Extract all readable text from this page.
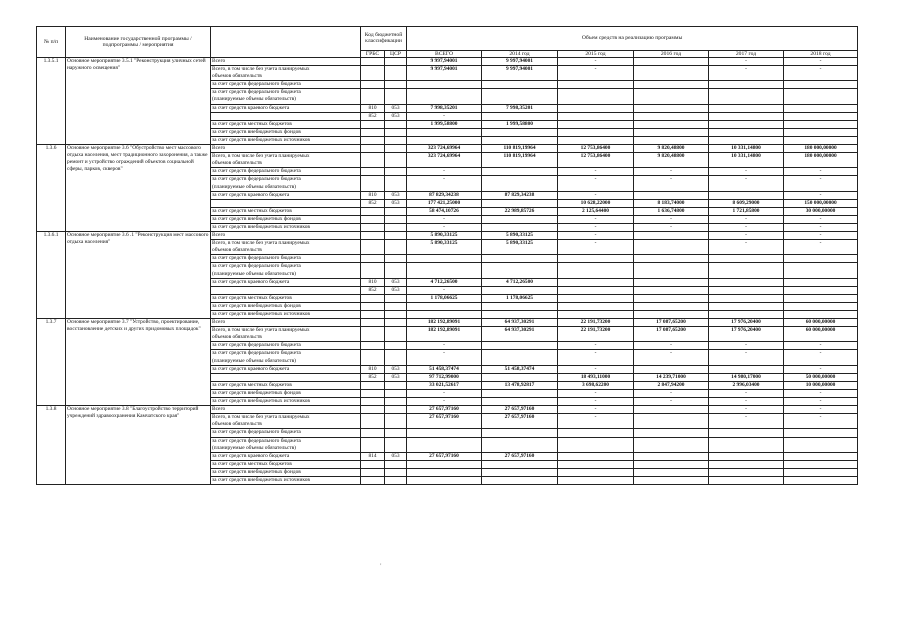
№ п/п	Наименование государственной программы / подпрограммы / мероприятия		Код бюджетной классификации		Объем средств на реализацию программы					
			ГРБС	ЦСР	ВСЕГО	2014 год	2015 год	2016 год	2017 год	2018 год
1.3.5.1	Основное мероприятие 3.5.1 "Реконструкция уличных сетей наружного освещения"	Всего			9 997,94001	9 997,94001	-		-	-

		Всего, в том числе без учета планируемых
объемов обязательств			9 997,94001	9 997,94001	-		-	-
		за счет средств федерального бюджета								

		за счет средств федерального бюджета
(планируемые объемы обязательств)								

		за счет средств краевого бюджета	810	053	7 998,35201	7 998,35201				
			852	053	-					
		за счет средств местных бюджетов			1 999,58800	1 999,58800				
		за счет средств внебюджетных фондов								
		за счет средств внебюджетных источников								
1.3.6	Основное мероприятие 3.6 "Обустройство мест массового отдыха населения, мест традиционного захоронения, а также ремонт и устройство ограждений объектов социальной сферы, парков, скверов"	Всего			323 724,69964	110 819,19964	12 753,86400	9 820,48800	10 331,14800	180 000,00000

		Всего, в том числе без учета планируемых
объемов обязательств			323 724,69964	110 819,19964	12 753,86400	9 820,48800	10 331,14800	180 000,00000
		за счет средств федерального бюджета			-		-	-	-	-

		за счет средств федерального бюджета
(планируемые объемы обязательств)			-		-	-	-	-
		за счет средств краевого бюджета	810	053	87 829,34238	87 829,34238	-			-
			852	053	177 421,25000		10 628,22000	8 183,74000	8 609,29000	150 000,00000
		за счет средств местных бюджетов			58 474,10726	22 989,85726	2 125,64400	1 636,74800	1 721,85800	30 000,00000
		за счет средств внебюджетных фондов			-		-	-	-	-
		за счет средств внебюджетных источников			-		-	-	-	-
1.3.6.1	Основное мероприятие 3.6 .1 "Реконструкция мест массового отдыха населения"	Всего			5 890,33125	5 890,33125	-		-	-

		Всего, в том числе без учета планируемых
объемов обязательств			5 890,33125	5 890,33125	-		-	-
		за счет средств федерального бюджета								

		за счет средств федерального бюджета
(планируемые объемы обязательств)								

		за счет средств краевого бюджета	810	053	4 712,26500	4 712,26500				
			852	053	-					
		за счет средств местных бюджетов			1 178,06625	1 178,06625				
		за счет средств внебюджетных фондов								
		за счет средств внебюджетных источников								
1.3.7	Основное мероприятие 3.7 "Устройство, проектирование, восстановление детских и других придомовых площадок"	Всего			182 192,89091	64 937,30291	22 191,73200	17 087,65200	17 976,20400	60 000,00000

		Всего, в том числе без учета планируемых
объемов обязательств			182 192,89091	64 937,30291	22 191,73200	17 087,65200	17 976,20400	60 000,00000
		за счет средств федерального бюджета			-		-	-	-	-

		за счет средств федерального бюджета
(планируемые объемы обязательств)			-		-	-	-	-
		за счет средств краевого бюджета	810	053	51 458,37474	51 458,37474	-			-
			852	053	97 712,99000		18 493,11000	14 239,71000	14 980,17000	50 000,00000
		за счет средств местных бюджетов			33 021,52617	13 478,92817	3 698,62200	2 847,94200	2 996,03400	10 000,00000
		за счет средств внебюджетных фондов			-		-	-	-	-
		за счет средств внебюджетных источников			-		-	-	-	-
1.3.8	Основное мероприятие 3.8 "Благоустройство территорий учреждений здравоохранения Камчатского края"	Всего			27 657,97160	27 657,97160	-		-	-

		Всего, в том числе без учета планируемых
объемов обязательств			27 657,97160	27 657,97160	-		-	-
		за счет средств федерального бюджета								

		за счет средств федерального бюджета
(планируемые объемы обязательств)								

		за счет средств краевого бюджета	814	053	27 657,97160	27 657,97160				
		за счет средств местных бюджетов								
		за счет средств внебюджетных фондов								
		за счет средств внебюджетных источников								
,
